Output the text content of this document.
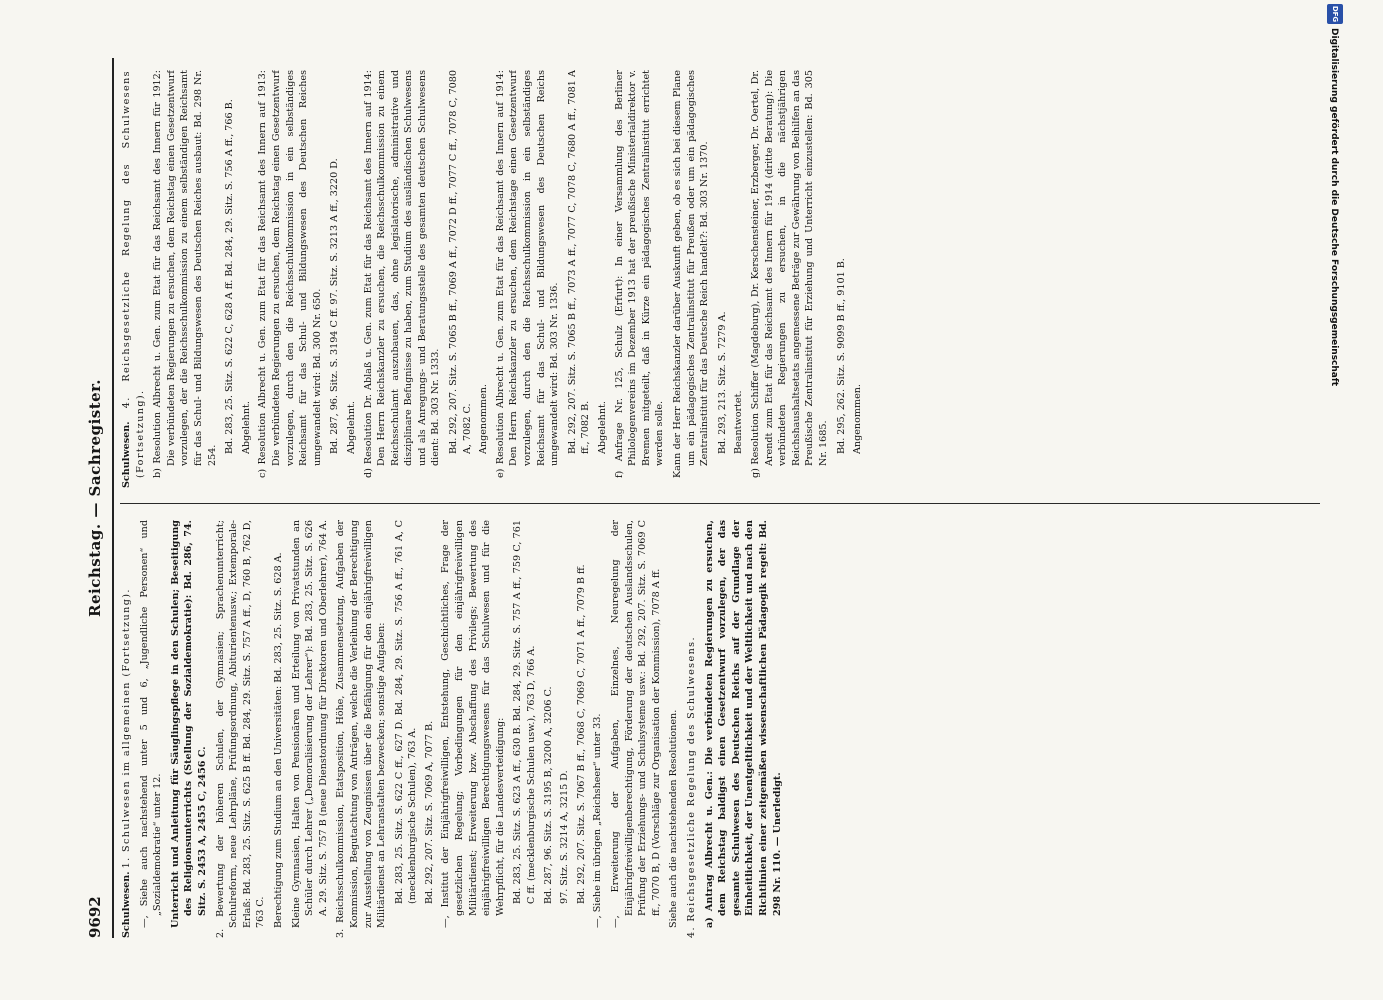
9692
Reichstag. — Sachregister.

Schulwesen. 1. Schulwesen im allgemeinen (Fortsetzung). —, Siehe auch nachstehend unter 5 und 6, „Jugendliche Personen“ und „Sozialdemokratie“ unter 12. Unterricht und Anleitung für Säuglingspflege in den Schulen; Beseitigung des Religionsunterrichts (Stellung der Sozialdemokratie): Bd. 286, 74. Sitz. S. 2453 A, 2455 C, 2456 C. 2. Bewertung der höheren Schulen, der Gymnasien; Sprachenunterricht; Schulreform, neue Lehrpläne, Prüfungsordnung, Abiturientenusw.; Extemporale-Erlaß: Bd. 283, 25. Sitz. S. 625 B ff. Bd. 284, 29. Sitz. S. 757 A ff., D, 760 B, 762 D, 763 C. Berechtigung zum Studium an den Universitäten: Bd. 283, 25. Sitz. S. 628 A. Kleine Gymnasien, Halten von Pensionären und Erteilung von Privatstunden an Schüler durch Lehrer („Demoralisierung der Lehrer“): Bd. 283, 25. Sitz. S. 626 A. 29. Sitz. S. 757 B (neue Dienstordnung für Direktoren und Oberlehrer), 764 A. 3. Reichsschulkommission, Etatsposition, Höhe, Zusammensetzung, Aufgaben der Kommission, Begutachtung von Anträgen, welche die Verleihung der Berechtigung zur Ausstellung von Zeugnissen über die Befähigung für den einjährigfreiwilligen Militärdienst an Lehranstalten bezwecken; sonstige Aufgaben: Bd. 283, 25. Sitz. S. 622 C ff., 627 D. Bd. 284, 29. Sitz. S. 756 A ff., 761 A, C (mecklenburgische Schulen), 763 A. Bd. 292, 207. Sitz. S. 7069 A, 7077 B. —, Institut der Einjährigfreiwilligen, Entstehung, Geschichtliches, Frage der gesetzlichen Regelung; Vorbedingungen für den einjährigfreiwilligen Militärdienst; Erweiterung bzw. Abschaffung des Privilegs; Bewertung des einjährigfreiwilligen Berechtigungswesens für das Schulwesen und für die Wehrpflicht, für die Landesverteidigung: Bd. 283, 25. Sitz. S. 623 A ff., 630 B. Bd. 284, 29. Sitz. S. 757 A ff., 759 C, 761 C ff. (mecklenburgische Schulen usw.), 763 D, 766 A. Bd. 287, 96. Sitz. S. 3195 B, 3200 A, 3206 C. 97. Sitz. S. 3214 A, 3215 D. Bd. 292, 207. Sitz. S. 7067 B ff., 7068 C, 7069 C, 7071 A ff., 7079 B ff. —, Siehe im übrigen „Reichsheer“ unter 33. —, Erweiterung der Aufgaben, Einzelnes, Neuregelung der Einjährigfreiwilligenberechtigung, Förderung der deutschen Auslandsschulen, Prüfung der Erziehungs- und Schulsysteme usw.: Bd. 292, 207. Sitz. S. 7069 C ff., 7070 B, D (Vorschläge zur Organisation der Kommission), 7078 A ff. Siehe auch die nachstehenden Resolutionen. 4. Reichsgesetzliche Regelung des Schulwesens. a) Antrag Albrecht u. Gen.: Die verbündeten Regierungen zu ersuchen, dem Reichstag baldigst einen Gesetzentwurf vorzulegen, der das gesamte Schulwesen des Deutschen Reichs auf der Grundlage der Einheitlichkeit, der Unentgeltlichkeit und der Weltlichkeit und nach den Richtlinien einer zeitgemäßen wissenschaftlichen Pädagogik regelt: Bd. 298 Nr. 110. — Unerledigt.

Schulwesen. 4. Reichsgesetzliche Regelung des Schulwesens (Fortsetzung). b) Resolution Albrecht u. Gen. zum Etat für das Reichsamt des Innern für 1912: Die verbündeten Regierungen zu ersuchen, dem Reichstag einen Gesetzentwurf vorzulegen, der die Reichsschulkommission zu einem selbständigen Reichsamt für das Schul- und Bildungswesen des Deutschen Reiches ausbaut: Bd. 298 Nr. 254.

Bd. 283, 25. Sitz. S. 622 C, 628 A ff. Bd. 284, 29. Sitz. S. 756 A ff., 766 B. Abgelehnt. c) Resolution Albrecht u. Gen. zum Etat für das Reichsamt des Innern auf 1913: Die verbündeten Regierungen zu ersuchen, dem Reichstag einen Gesetzentwurf vorzulegen, durch den die Reichsschulkommission in ein selbständiges Reichsamt für das Schul- und Bildungswesen des Deutschen Reiches umgewandelt wird: Bd. 300 Nr. 650. Bd. 287, 96. Sitz. S. 3194 C ff. 97. Sitz. S. 3213 A ff., 3220 D. Abgelehnt. d) Resolution Dr. Ablaß u. Gen. zum Etat für das Reichsamt des Innern auf 1914: Den Herrn Reichskanzler zu ersuchen, die Reichsschulkommission zu einem Reichsschulamt auszubauen, das, ohne legislatorische, administrative und disziplinare Befugnisse zu haben, zum Studium des ausländischen Schulwesens und als Anregungs- und Beratungsstelle des gesamten deutschen Schulwesens dient: Bd. 303 Nr. 1333. Bd. 292, 207. Sitz. S. 7065 B ff., 7069 A ff., 7072 D ff., 7077 C ff., 7078 C, 7080 A, 7082 C. Angenommen. e) Resolution Albrecht u. Gen. zum Etat für das Reichsamt des Innern auf 1914: Den Herrn Reichskanzler zu ersuchen, dem Reichstage einen Gesetzentwurf vorzulegen, durch den die Reichsschulkommission in ein selbständiges Reichsamt für das Schul- und Bildungswesen des Deutschen Reichs umgewandelt wird: Bd. 303 Nr. 1336. Bd. 292, 207. Sitz. S. 7065 B ff., 7073 A ff., 7077 C, 7078 C, 7680 A ff., 7081 A ff., 7082 B. Abgelehnt. f) Anfrage Nr. 125, Schulz (Erfurt): In einer Versammlung des Berliner Philologenvereins im Dezember 1913 hat der preußische Ministerialdirektor v. Bremen mitgeteilt, daß in Kürze ein pädagogisches Zentralinstitut errichtet werden solle. Kann der Herr Reichskanzler darüber Auskunft geben, ob es sich bei diesem Plane um ein pädagogisches Zentralinstitut für Preußen oder um ein pädagogisches Zentralinstitut für das Deutsche Reich handelt?: Bd. 303 Nr. 1370. Bd. 293, 213. Sitz. S. 7279 A. Beantwortet. g) Resolution Schiffer (Magdeburg), Dr. Kerschensteiner, Erzberger, Dr. Oertel, Dr. Arendt zum Etat für das Reichsamt des Innern für 1914 (dritte Beratung): Die verbündeten Regierungen zu ersuchen, in die nächstjährigen Reichshaushaltsetats angemessene Beträge zur Gewährung von Beihilfen an das Preußische Zentralinstitut für Erziehung und Unterricht einzustellen: Bd. 305 Nr. 1685. Bd. 295, 262. Sitz. S. 9099 B ff., 9101 B. Angenommen.

DFG
Digitalisierung gefördert durch die Deutsche Forschungsgemeinschaft
